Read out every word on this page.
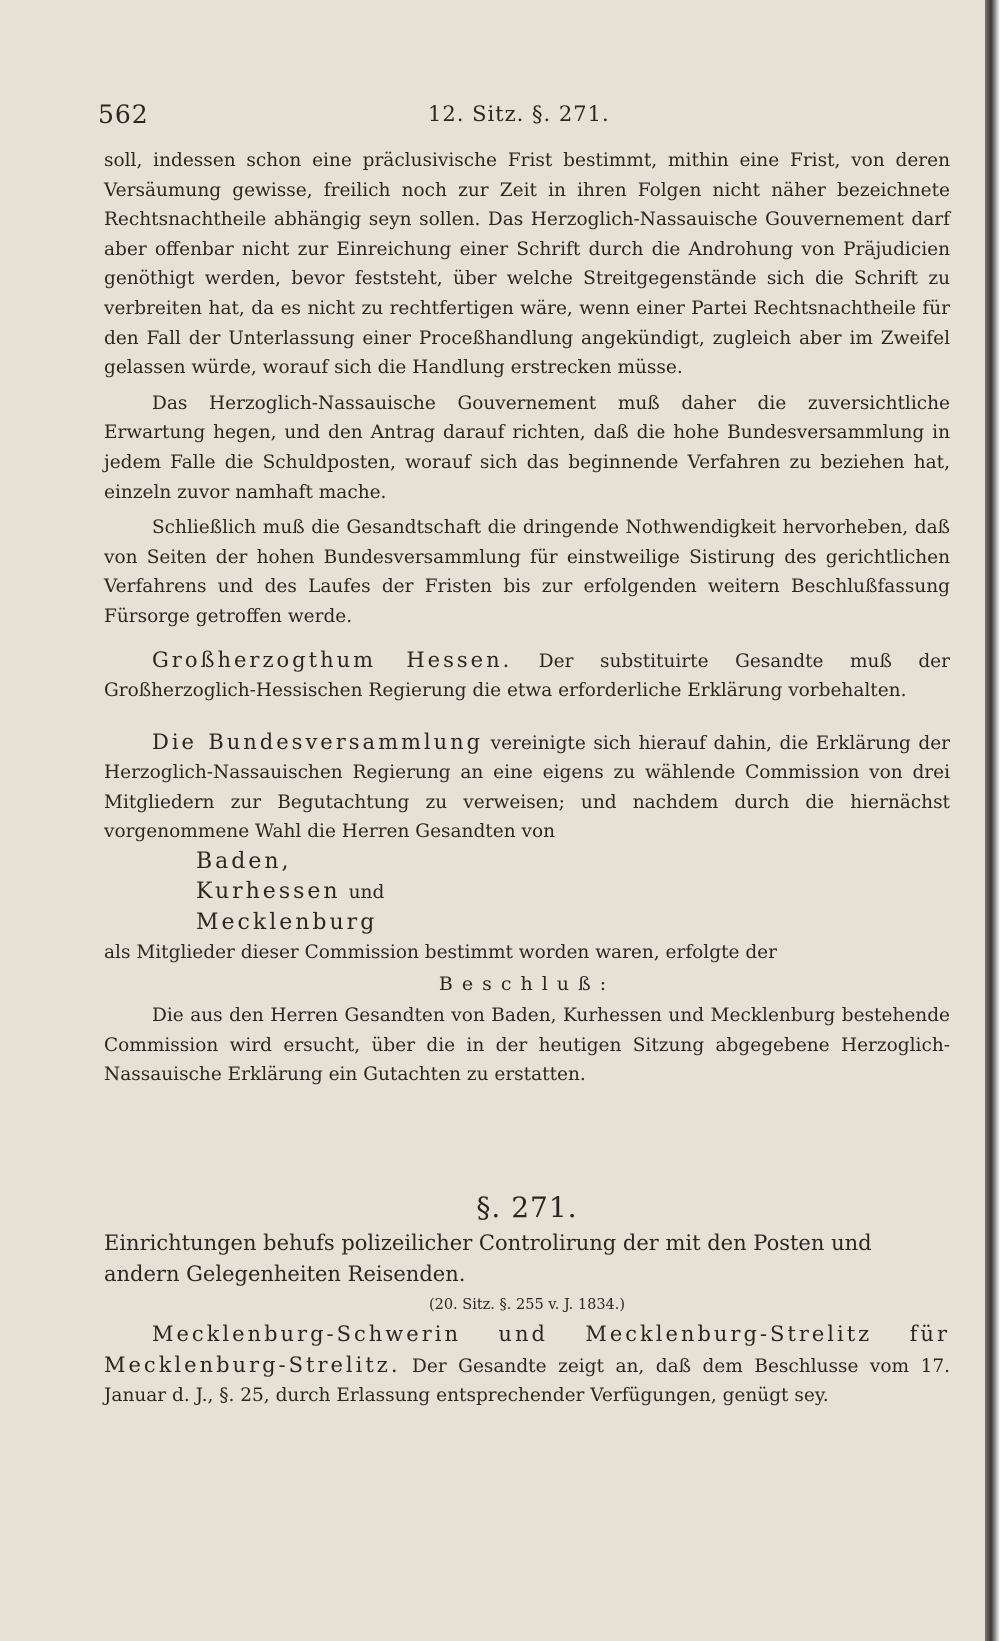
562	12. Sitz. §. 271.

soll, indessen schon eine präclusivische Frist bestimmt, mithin eine Frist, von deren Versäumung gewisse, freilich noch zur Zeit in ihren Folgen nicht näher bezeichnete Rechtsnachtheile abhängig seyn sollen. Das Herzoglich-Nassauische Gouvernement darf aber offenbar nicht zur Einreichung einer Schrift durch die Androhung von Präjudicien genöthigt werden, bevor feststeht, über welche Streitgegenstände sich die Schrift zu verbreiten hat, da es nicht zu rechtfertigen wäre, wenn einer Partei Rechtsnachtheile für den Fall der Unterlassung einer Proceßhandlung angekündigt, zugleich aber im Zweifel gelassen würde, worauf sich die Handlung erstrecken müsse.

Das Herzoglich-Nassauische Gouvernement muß daher die zuversichtliche Erwartung hegen, und den Antrag darauf richten, daß die hohe Bundesversammlung in jedem Falle die Schuldposten, worauf sich das beginnende Verfahren zu beziehen hat, einzeln zuvor namhaft mache.

Schließlich muß die Gesandtschaft die dringende Nothwendigkeit hervorheben, daß von Seiten der hohen Bundesversammlung für einstweilige Sistirung des gerichtlichen Verfahrens und des Laufes der Fristen bis zur erfolgenden weitern Beschlußfassung Fürsorge getroffen werde.

Großherzogthum Hessen. Der substituirte Gesandte muß der Großherzoglich-Hessischen Regierung die etwa erforderliche Erklärung vorbehalten.

Die Bundesversammlung vereinigte sich hierauf dahin, die Erklärung der Herzoglich-Nassauischen Regierung an eine eigens zu wählende Commission von drei Mitgliedern zur Begutachtung zu verweisen; und nachdem durch die hiernächst vorgenommene Wahl die Herren Gesandten von

Baden,
Kurhessen und
Mecklenburg

als Mitglieder dieser Commission bestimmt worden waren, erfolgte der

Beschluß:

Die aus den Herren Gesandten von Baden, Kurhessen und Mecklenburg bestehende Commission wird ersucht, über die in der heutigen Sitzung abgegebene Herzoglich-Nassauische Erklärung ein Gutachten zu erstatten.

§. 271.

Einrichtungen behufs polizeilicher Controlirung der mit den Posten und andern Gelegenheiten Reisenden.

(20. Sitz. §. 255 v. J. 1834.)

Mecklenburg-Schwerin und Mecklenburg-Strelitz für Mecklenburg-Strelitz. Der Gesandte zeigt an, daß dem Beschlusse vom 17. Januar d. J., §. 25, durch Erlassung entsprechender Verfügungen, genügt sey.
